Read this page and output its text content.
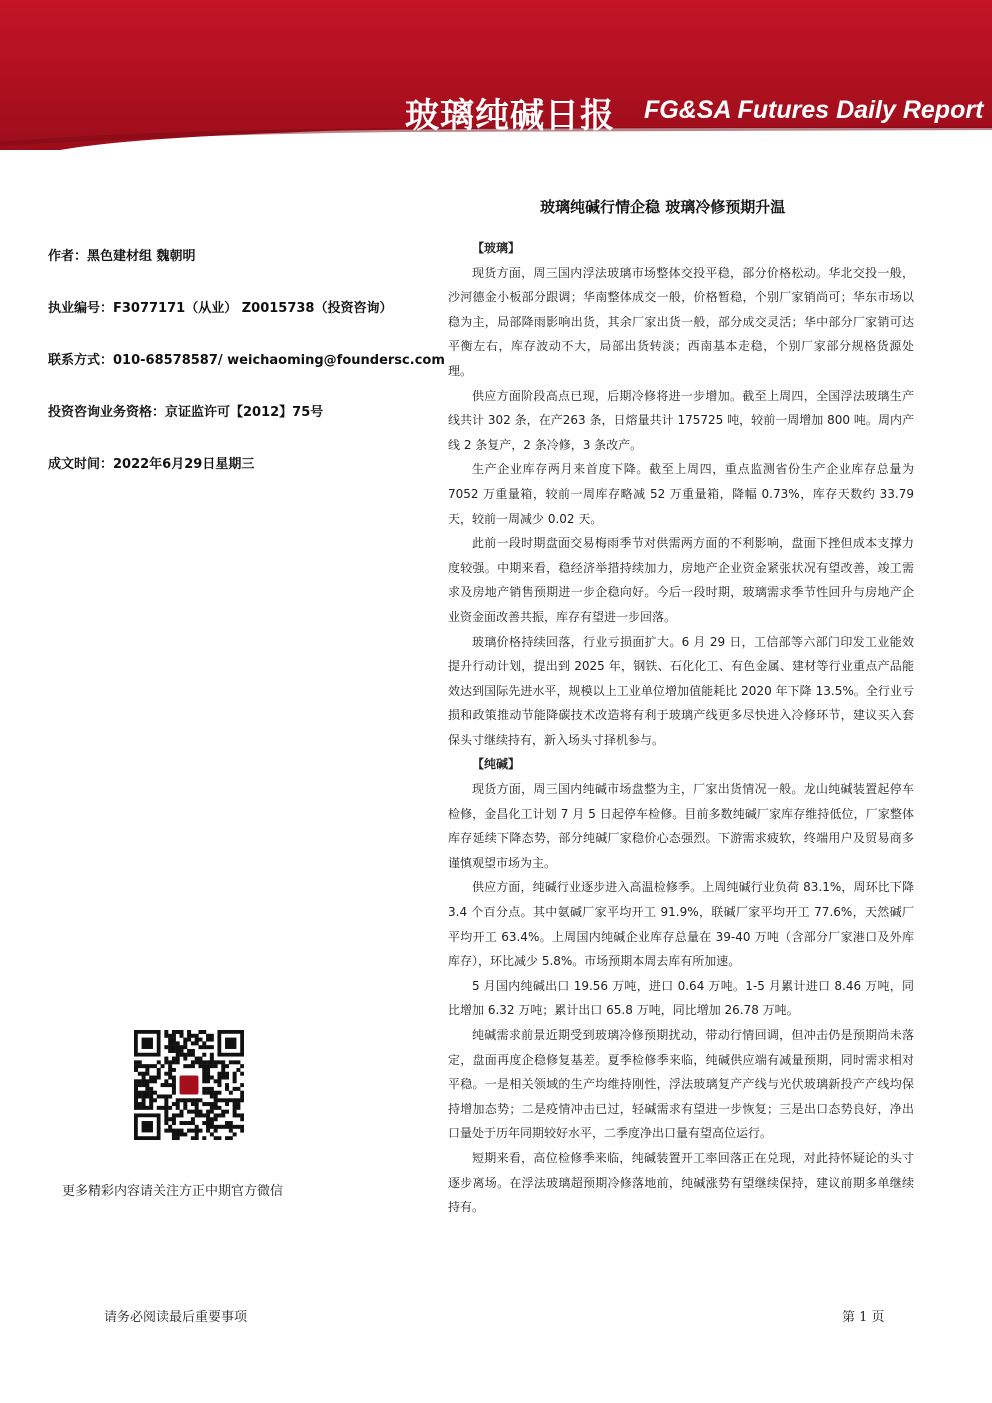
玻璃纯碱日报 FG&SA Futures Daily Report
玻璃纯碱行情企稳 玻璃冷修预期升温
作者：黑色建材组 魏朝明
执业编号：F3077171（从业） Z0015738（投资咨询）
联系方式：010-68578587/ weichaoming@foundersc.com
投资咨询业务资格：京证监许可【2012】75号
成文时间：2022年6月29日星期三
更多精彩内容请关注方正中期官方微信
【玻璃】

现货方面，周三国内浮法玻璃市场整体交投平稳，部分价格松动。华北交投一般，沙河德金小板部分跟调；华南整体成交一般，价格暂稳，个别厂家销尚可；华东市场以稳为主，局部降雨影响出货，其余厂家出货一般，部分成交灵活；华中部分厂家销可达平衡左右，库存波动不大，局部出货转淡；西南基本走稳，个别厂家部分规格货源处理。

供应方面阶段高点已现，后期冷修将进一步增加。截至上周四，全国浮法玻璃生产线共计 302 条，在产263 条，日熔量共计 175725 吨，较前一周增加 800 吨。周内产线 2 条复产，2 条冷修，3 条改产。

生产企业库存两月来首度下降。截至上周四，重点监测省份生产企业库存总量为 7052 万重量箱，较前一周库存略减 52 万重量箱，降幅 0.73%，库存天数约 33.79 天，较前一周减少 0.02 天。

此前一段时期盘面交易梅雨季节对供需两方面的不利影响，盘面下挫但成本支撑力度较强。中期来看，稳经济举措持续加力，房地产企业资金紧张状况有望改善，竣工需求及房地产销售预期进一步企稳向好。今后一段时期，玻璃需求季节性回升与房地产企业资金面改善共振，库存有望进一步回落。

玻璃价格持续回落，行业亏损面扩大。6 月 29 日，工信部等六部门印发工业能效提升行动计划，提出到 2025 年，钢铁、石化化工、有色金属、建材等行业重点产品能效达到国际先进水平，规模以上工业单位增加值能耗比 2020 年下降 13.5%。全行业亏损和政策推动节能降碳技术改造将有利于玻璃产线更多尽快进入冷修环节，建议买入套保头寸继续持有，新入场头寸择机参与。

【纯碱】

现货方面，周三国内纯碱市场盘整为主，厂家出货情况一般。龙山纯碱装置起停车检修，金昌化工计划 7 月 5 日起停车检修。目前多数纯碱厂家库存维持低位，厂家整体库存延续下降态势，部分纯碱厂家稳价心态强烈。下游需求疲软，终端用户及贸易商多谨慎观望市场为主。

供应方面，纯碱行业逐步进入高温检修季。上周纯碱行业负荷 83.1%，周环比下降 3.4 个百分点。其中氨碱厂家平均开工 91.9%，联碱厂家平均开工 77.6%，天然碱厂平均开工 63.4%。上周国内纯碱企业库存总量在 39-40 万吨（含部分厂家港口及外库库存），环比减少 5.8%。市场预期本周去库有所加速。

5 月国内纯碱出口 19.56 万吨，进口 0.64 万吨。1-5 月累计进口 8.46 万吨，同比增加 6.32 万吨；累计出口 65.8 万吨，同比增加 26.78 万吨。

纯碱需求前景近期受到玻璃冷修预期扰动，带动行情回调，但冲击仍是预期尚未落定，盘面再度企稳修复基差。夏季检修季来临，纯碱供应端有减量预期，同时需求相对平稳。一是相关领域的生产均维持刚性，浮法玻璃复产产线与光伏玻璃新投产产线均保持增加态势；二是疫情冲击已过，轻碱需求有望进一步恢复；三是出口态势良好，净出口量处于历年同期较好水平，二季度净出口量有望高位运行。

短期来看，高位检修季来临，纯碱装置开工率回落正在兑现，对此持怀疑论的头寸逐步离场。在浮法玻璃超预期冷修落地前，纯碱涨势有望继续保持，建议前期多单继续持有。

请务必阅读最后重要事项	第 1 页
